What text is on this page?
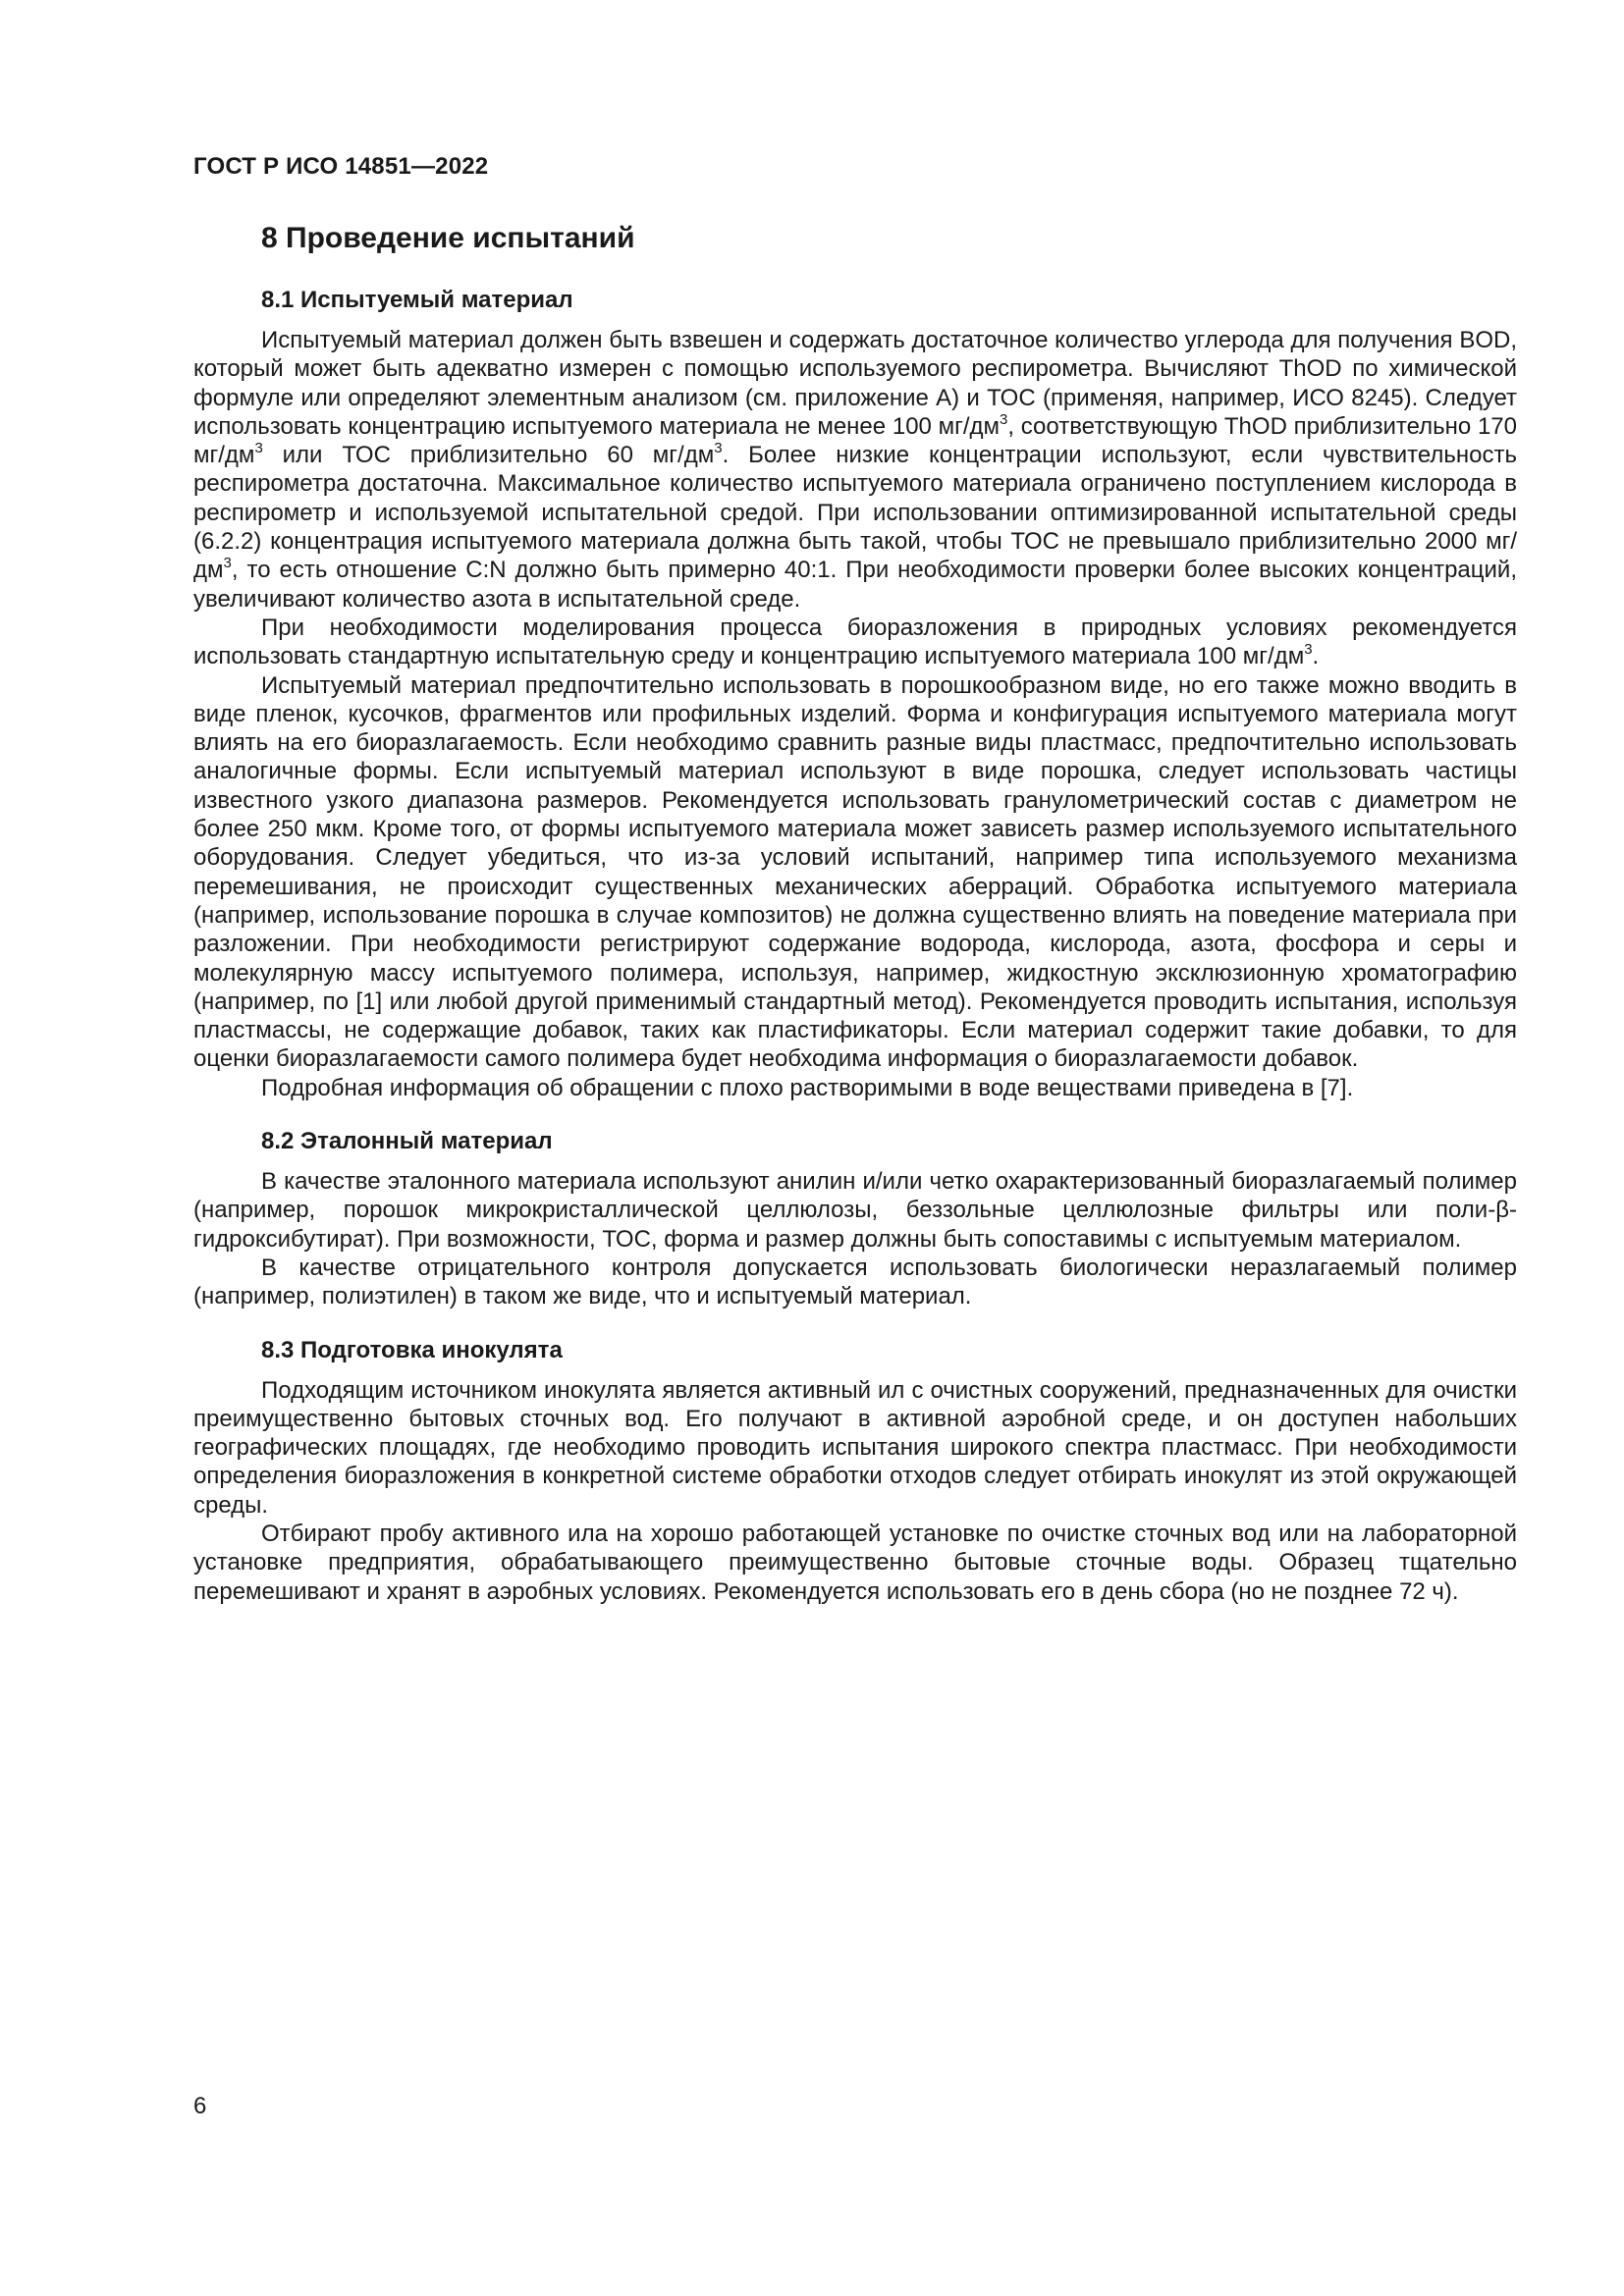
ГОСТ Р ИСО 14851—2022
8 Проведение испытаний
8.1 Испытуемый материал

Испытуемый материал должен быть взвешен и содержать достаточное количество углерода для получения BOD, который может быть адекватно измерен с помощью используемого респирометра. Вычисляют ThOD по химической формуле или определяют элементным анализом (см. приложение А) и ТОС (применяя, например, ИСО 8245). Следует использовать концентрацию испытуемого материала не менее 100 $мг/дм^3$, соответствующую ThOD приблизительно 170 $мг/дм^3$ или ТОС приблизительно 60 $мг/дм^3$. Более низкие концентрации используют, если чувствительность респирометра достаточна. Максимальное количество испытуемого материала ограничено поступлением кислорода в респирометр и используемой испытательной средой. При использовании оптимизированной испытательной среды (6.2.2) концентрация испытуемого материала должна быть такой, чтобы ТОС не превышало приблизительно 2000 $мг/дм^3$, то есть отношение C:N должно быть примерно 40:1. При необходимости проверки более высоких концентраций, увеличивают количество азота в испытательной среде.

При необходимости моделирования процесса биоразложения в природных условиях рекомендуется использовать стандартную испытательную среду и концентрацию испытуемого материала 100 $мг/дм^3$.

Испытуемый материал предпочтительно использовать в порошкообразном виде, но его также можно вводить в виде пленок, кусочков, фрагментов или профильных изделий. Форма и конфигурация испытуемого материала могут влиять на его биоразлагаемость. Если необходимо сравнить разные виды пластмасс, предпочтительно использовать аналогичные формы. Если испытуемый материал используют в виде порошка, следует использовать частицы известного узкого диапазона размеров. Рекомендуется использовать гранулометрический состав с диаметром не более 250 мкм. Кроме того, от формы испытуемого материала может зависеть размер используемого испытательного оборудования. Следует убедиться, что из-за условий испытаний, например типа используемого механизма перемешивания, не происходит существенных механических аберраций. Обработка испытуемого материала (например, использование порошка в случае композитов) не должна существенно влиять на поведение материала при разложении. При необходимости регистрируют содержание водорода, кислорода, азота, фосфора и серы и молекулярную массу испытуемого полимера, используя, например, жидкостную эксклюзионную хроматографию (например, по [1] или любой другой применимый стандартный метод). Рекомендуется проводить испытания, используя пластмассы, не содержащие добавок, таких как пластификаторы. Если материал содержит такие добавки, то для оценки биоразлагаемости самого полимера будет необходима информация о биоразлагаемости добавок.

Подробная информация об обращении с плохо растворимыми в воде веществами приведена в [7].

8.2 Эталонный материал

В качестве эталонного материала используют анилин и/или четко охарактеризованный биоразлагаемый полимер (например, порошок микрокристаллической целлюлозы, беззольные целлюлозные фильтры или поли-β-гидроксибутират). При возможности, ТОС, форма и размер должны быть сопоставимы с испытуемым материалом.

В качестве отрицательного контроля допускается использовать биологически неразлагаемый полимер (например, полиэтилен) в таком же виде, что и испытуемый материал.

8.3 Подготовка инокулята

Подходящим источником инокулята является активный ил с очистных сооружений, предназначенных для очистки преимущественно бытовых сточных вод. Его получают в активной аэробной среде, и он доступен набольших географических площадях, где необходимо проводить испытания широкого спектра пластмасс. При необходимости определения биоразложения в конкретной системе обработки отходов следует отбирать инокулят из этой окружающей среды.

Отбирают пробу активного ила на хорошо работающей установке по очистке сточных вод или на лабораторной установке предприятия, обрабатывающего преимущественно бытовые сточные воды. Образец тщательно перемешивают и хранят в аэробных условиях. Рекомендуется использовать его в день сбора (но не позднее 72 ч).

6
